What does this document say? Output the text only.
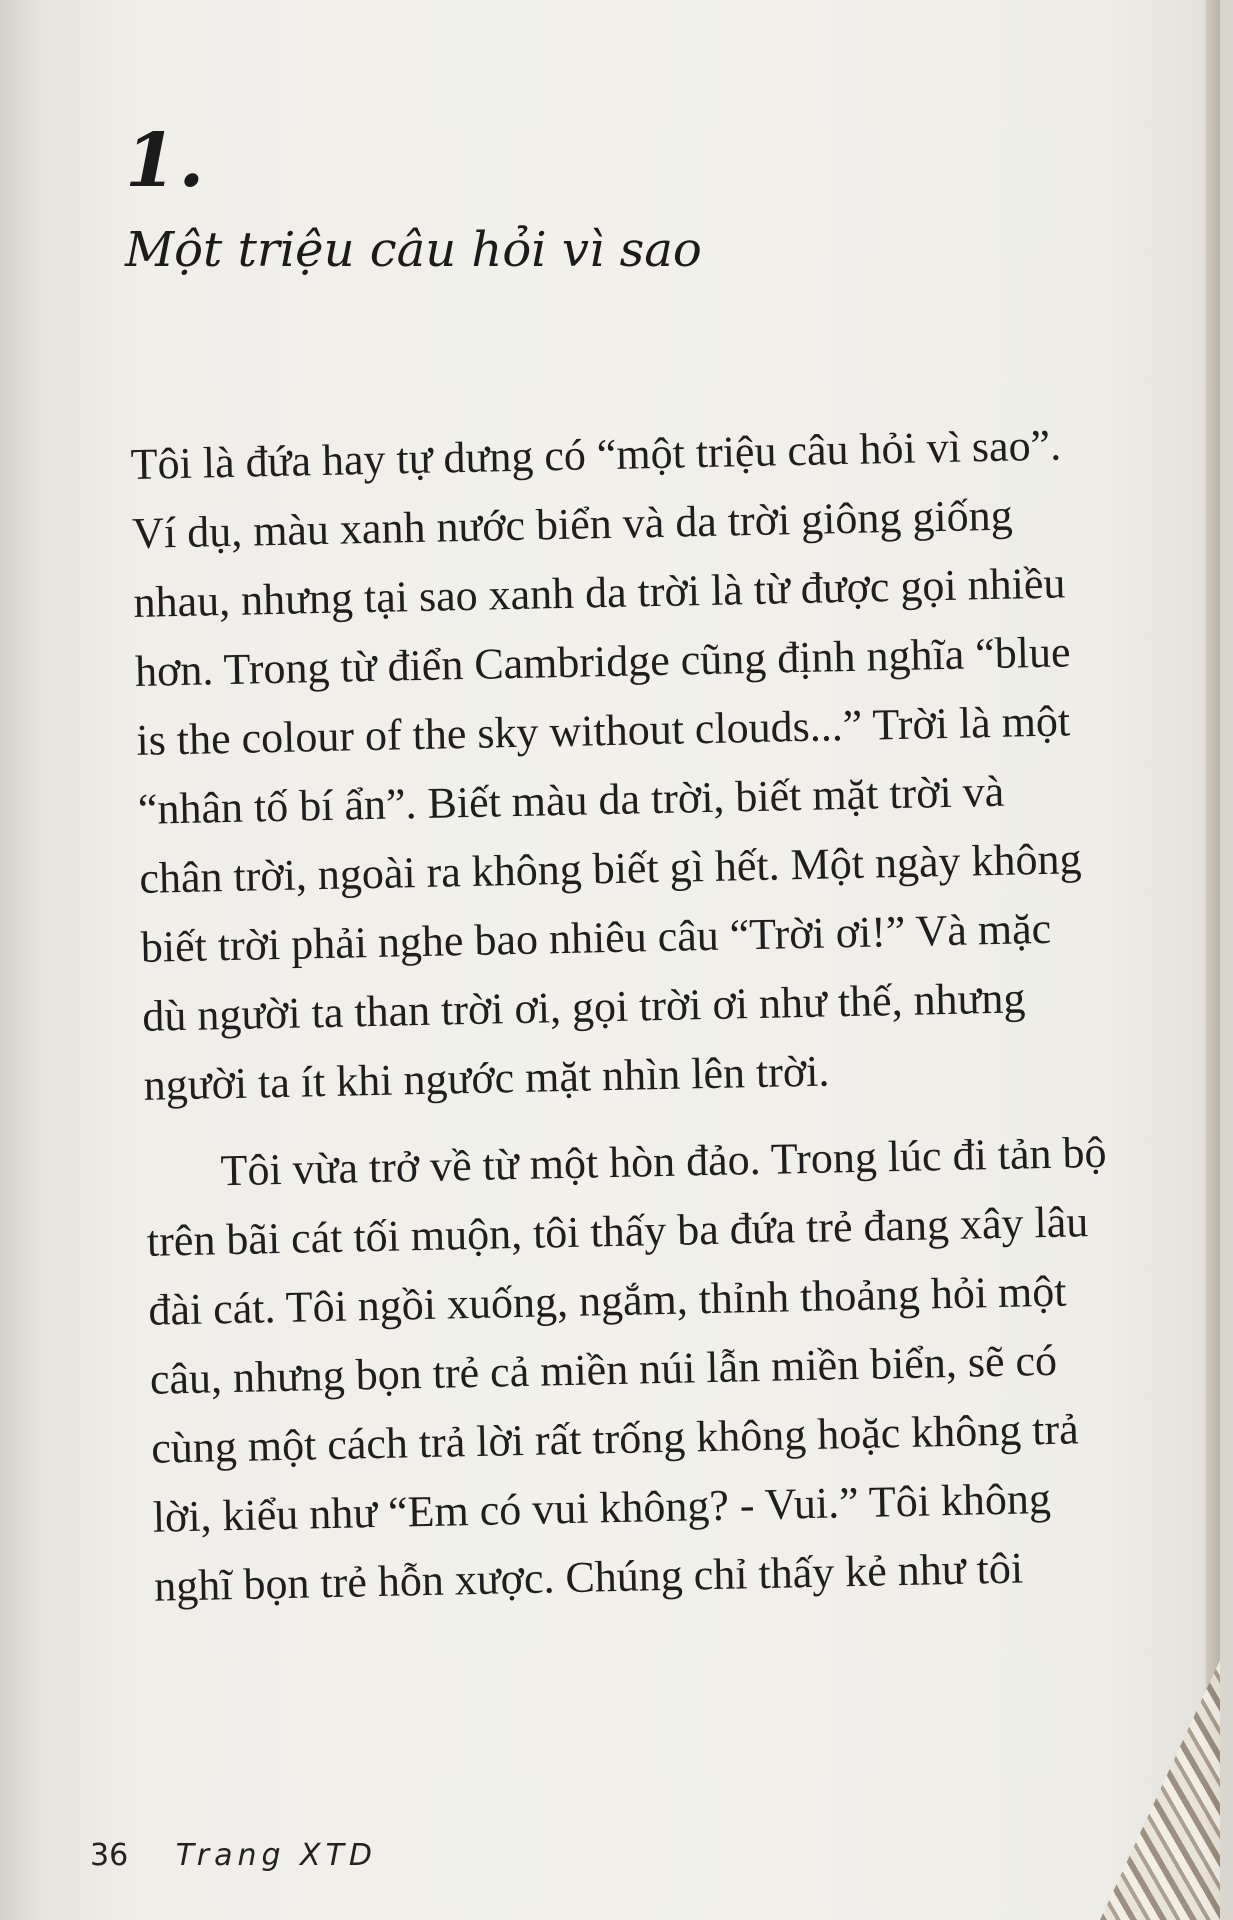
1.
Một triệu câu hỏi vì sao

Tôi là đứa hay tự dưng có “một triệu câu hỏi vì sao”.

Ví dụ, màu xanh nước biển và da trời giông giống

nhau, nhưng tại sao xanh da trời là từ được gọi nhiều

hơn. Trong từ điển Cambridge cũng định nghĩa “blue

is the colour of the sky without clouds...” Trời là một

“nhân tố bí ẩn”. Biết màu da trời, biết mặt trời và

chân trời, ngoài ra không biết gì hết. Một ngày không

biết trời phải nghe bao nhiêu câu “Trời ơi!” Và mặc

dù người ta than trời ơi, gọi trời ơi như thế, nhưng

người ta ít khi ngước mặt nhìn lên trời.

Tôi vừa trở về từ một hòn đảo. Trong lúc đi tản bộ

trên bãi cát tối muộn, tôi thấy ba đứa trẻ đang xây lâu

đài cát. Tôi ngồi xuống, ngắm, thỉnh thoảng hỏi một

câu, nhưng bọn trẻ cả miền núi lẫn miền biển, sẽ có

cùng một cách trả lời rất trống không hoặc không trả

lời, kiểu như “Em có vui không? - Vui.” Tôi không

nghĩ bọn trẻ hỗn xược. Chúng chỉ thấy kẻ như tôi

36 Trang XTD
